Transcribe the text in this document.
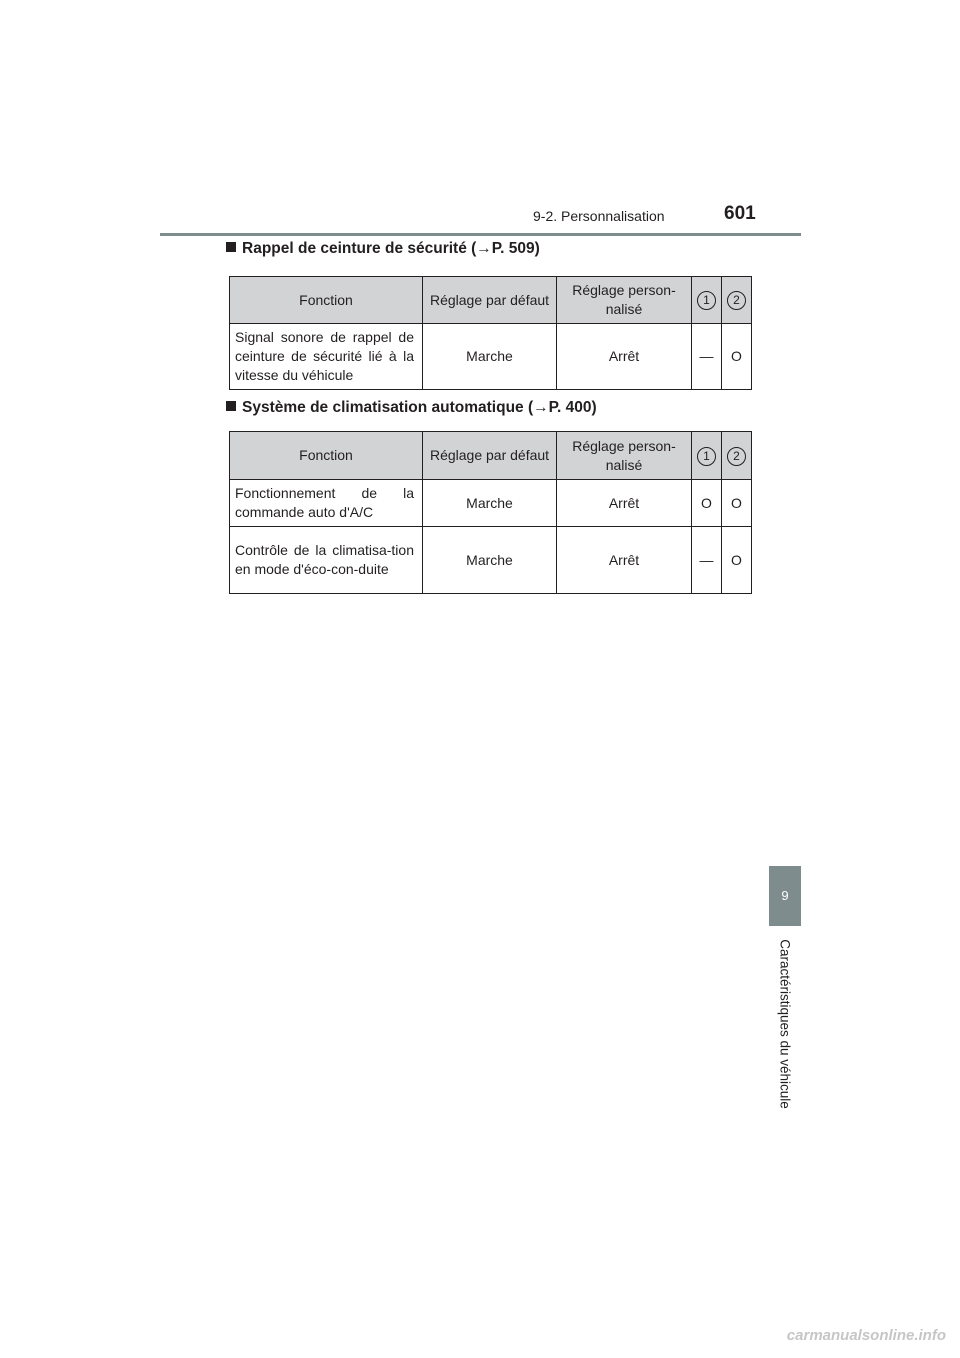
9-2. Personnalisation	601
Rappel de ceinture de sécurité (→P. 509)
Fonction	Réglage par défaut	Réglage person-nalisé	1	2
Signal sonore de rappel de ceinture de sécurité lié à la vitesse du véhicule	Marche	Arrêt	—	O
Système de climatisation automatique (→P. 400)
Fonction	Réglage par défaut	Réglage person-nalisé	1	2
Fonctionnement de la commande auto d'A/C	Marche	Arrêt	O	O
Contrôle de la climatisa-tion en mode d'éco-con-duite	Marche	Arrêt	—	O
9
Caractéristiques du véhicule
carmanualsonline.info
